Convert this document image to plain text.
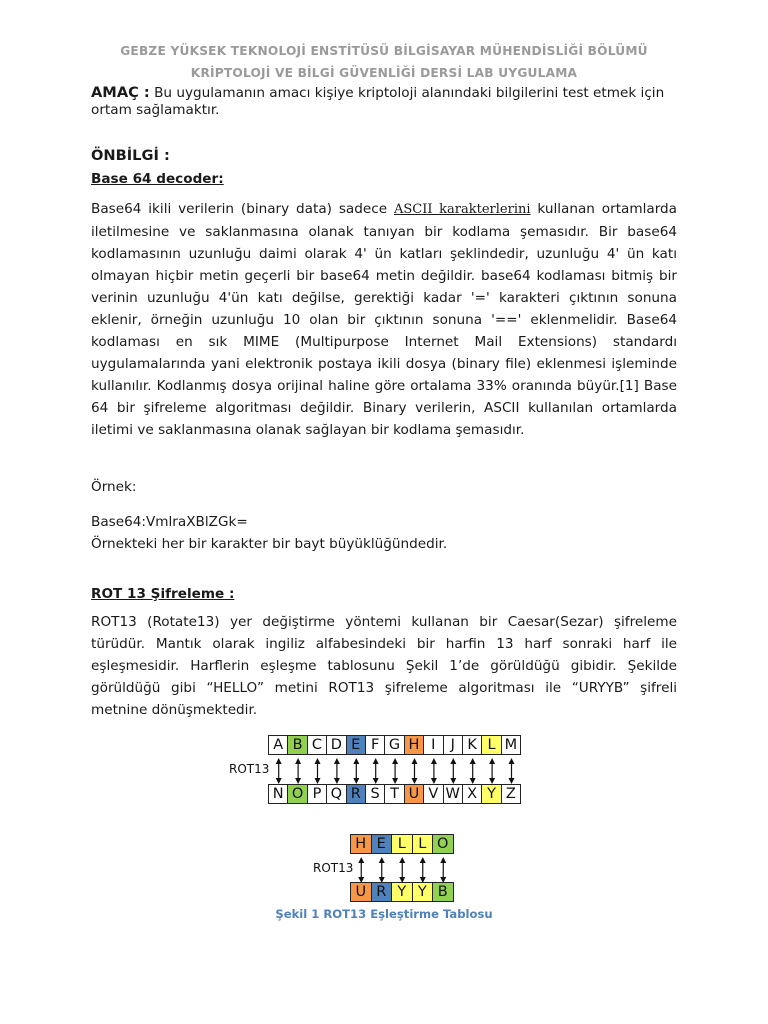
GEBZE YÜKSEK TEKNOLOJİ ENSTİTÜSÜ BİLGİSAYAR MÜHENDİSLİĞİ BÖLÜMÜ
KRİPTOLOJİ VE BİLGİ GÜVENLİĞİ DERSİ LAB UYGULAMA
AMAÇ : Bu uygulamanın amacı kişiye kriptoloji alanındaki bilgilerini test etmek için ortam sağlamaktır.
ÖNBİLGİ :
Base 64 decoder:
Base64 ikili verilerin (binary data) sadece ASCII karakterlerini kullanan ortamlarda iletilmesine ve saklanmasına olanak tanıyan bir kodlama şemasıdır. Bir base64 kodlamasının uzunluğu daimi olarak 4' ün katları şeklindedir, uzunluğu 4' ün katı olmayan hiçbir metin geçerli bir base64 metin değildir. base64 kodlaması bitmiş bir verinin uzunluğu 4'ün katı değilse, gerektiği kadar '=' karakteri çıktının sonuna eklenir, örneğin uzunluğu 10 olan bir çıktının sonuna '==' eklenmelidir. Base64 kodlaması en sık MIME (Multipurpose Internet Mail Extensions) standardı uygulamalarında yani elektronik postaya ikili dosya (binary file) eklenmesi işleminde kullanılır. Kodlanmış dosya orijinal haline göre ortalama 33% oranında büyür.[1] Base 64 bir şifreleme algoritması değildir. Binary verilerin, ASCII kullanılan ortamlarda iletimi ve saklanmasına olanak sağlayan bir kodlama şemasıdır.
Örnek:
Base64:VmlraXBlZGk=
Örnekteki her bir karakter bir bayt büyüklüğündedir.
ROT 13 Şifreleme :
ROT13 (Rotate13) yer değiştirme yöntemi kullanan bir Caesar(Sezar) şifreleme türüdür. Mantık olarak ingiliz alfabesindeki bir harfin 13 harf sonraki harf ile eşleşmesidir. Harflerin eşleşme tablosunu Şekil 1’de görüldüğü gibidir. Şekilde görüldüğü gibi “HELLO” metini ROT13 şifreleme algoritması ile “URYYB” şifreli metnine dönüşmektedir.
A B C D E F G H I	J K L M
ROT13
N O P Q R S T U V W X Y Z
H E L L O
ROT13
U R Y Y B
Şekil 1 ROT13 Eşleştirme Tablosu
